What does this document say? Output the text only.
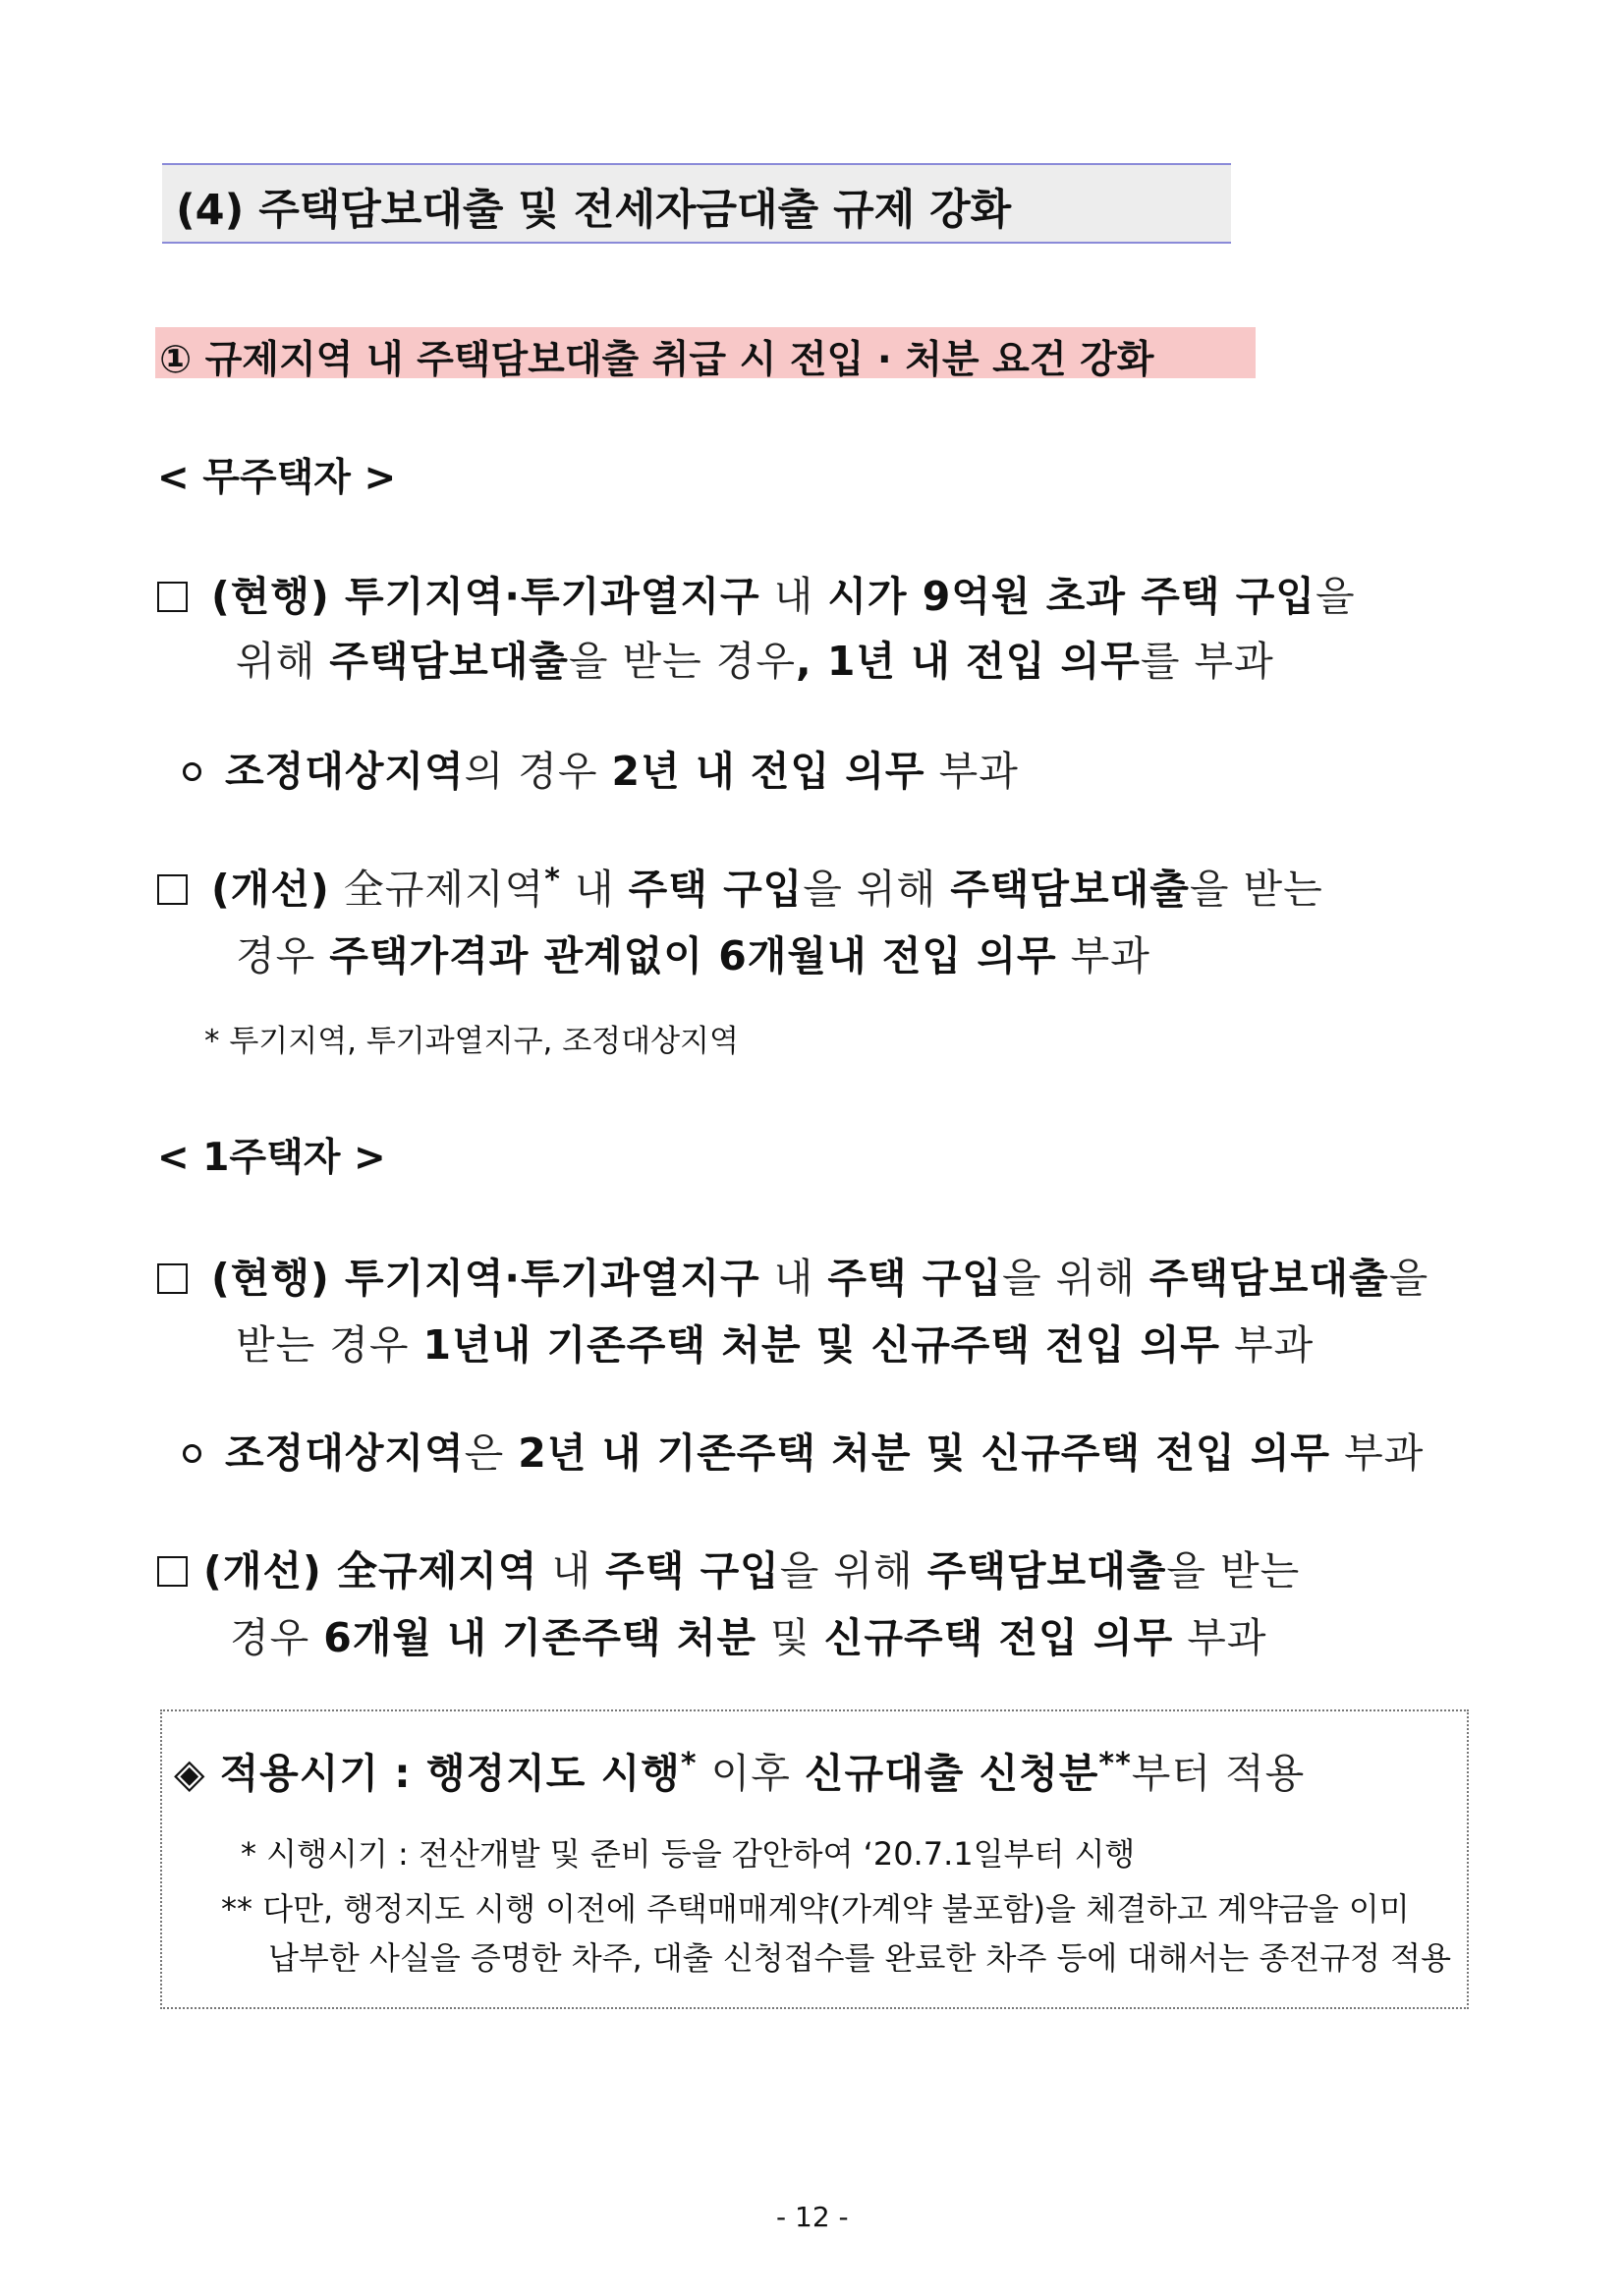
(4) 주택담보대출 및 전세자금대출 규제 강화
① 규제지역 내 주택담보대출 취급 시 전입 · 처분 요건 강화
< 무주택자 >
(현행) 투기지역·투기과열지구 내 시가 9억원 초과 주택 구입을
위해 주택담보대출을 받는 경우, 1년 내 전입 의무를 부과
조정대상지역의 경우 2년 내 전입 의무 부과
(개선) 全규제지역* 내 주택 구입을 위해 주택담보대출을 받는
경우 주택가격과 관계없이 6개월내 전입 의무 부과
* 투기지역, 투기과열지구, 조정대상지역
< 1주택자 >
(현행) 투기지역·투기과열지구 내 주택 구입을 위해 주택담보대출을
받는 경우 1년내 기존주택 처분 및 신규주택 전입 의무 부과
조정대상지역은 2년 내 기존주택 처분 및 신규주택 전입 의무 부과
(개선) 全규제지역 내 주택 구입을 위해 주택담보대출을 받는
경우 6개월 내 기존주택 처분 및 신규주택 전입 의무 부과
◈ 적용시기 : 행정지도 시행* 이후 신규대출 신청분**부터 적용
* 시행시기 : 전산개발 및 준비 등을 감안하여 ‘20.7.1일부터 시행
** 다만, 행정지도 시행 이전에 주택매매계약(가계약 불포함)을 체결하고 계약금을 이미
납부한 사실을 증명한 차주, 대출 신청접수를 완료한 차주 등에 대해서는 종전규정 적용
- 12 -
